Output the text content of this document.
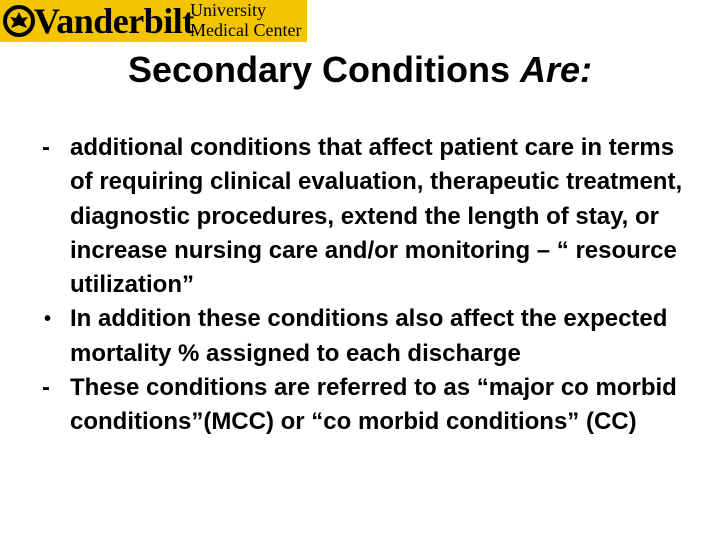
Vanderbilt
University
Medical Center
Secondary Conditions Are:
- additional conditions that affect patient care in terms of requiring clinical evaluation, therapeutic treatment, diagnostic procedures, extend the length of stay, or increase nursing care and/or monitoring – “ resource utilization”
• In addition these conditions also affect the expected mortality % assigned to each discharge
- These conditions are referred to as “major co morbid conditions”(MCC) or “co morbid conditions” (CC)
